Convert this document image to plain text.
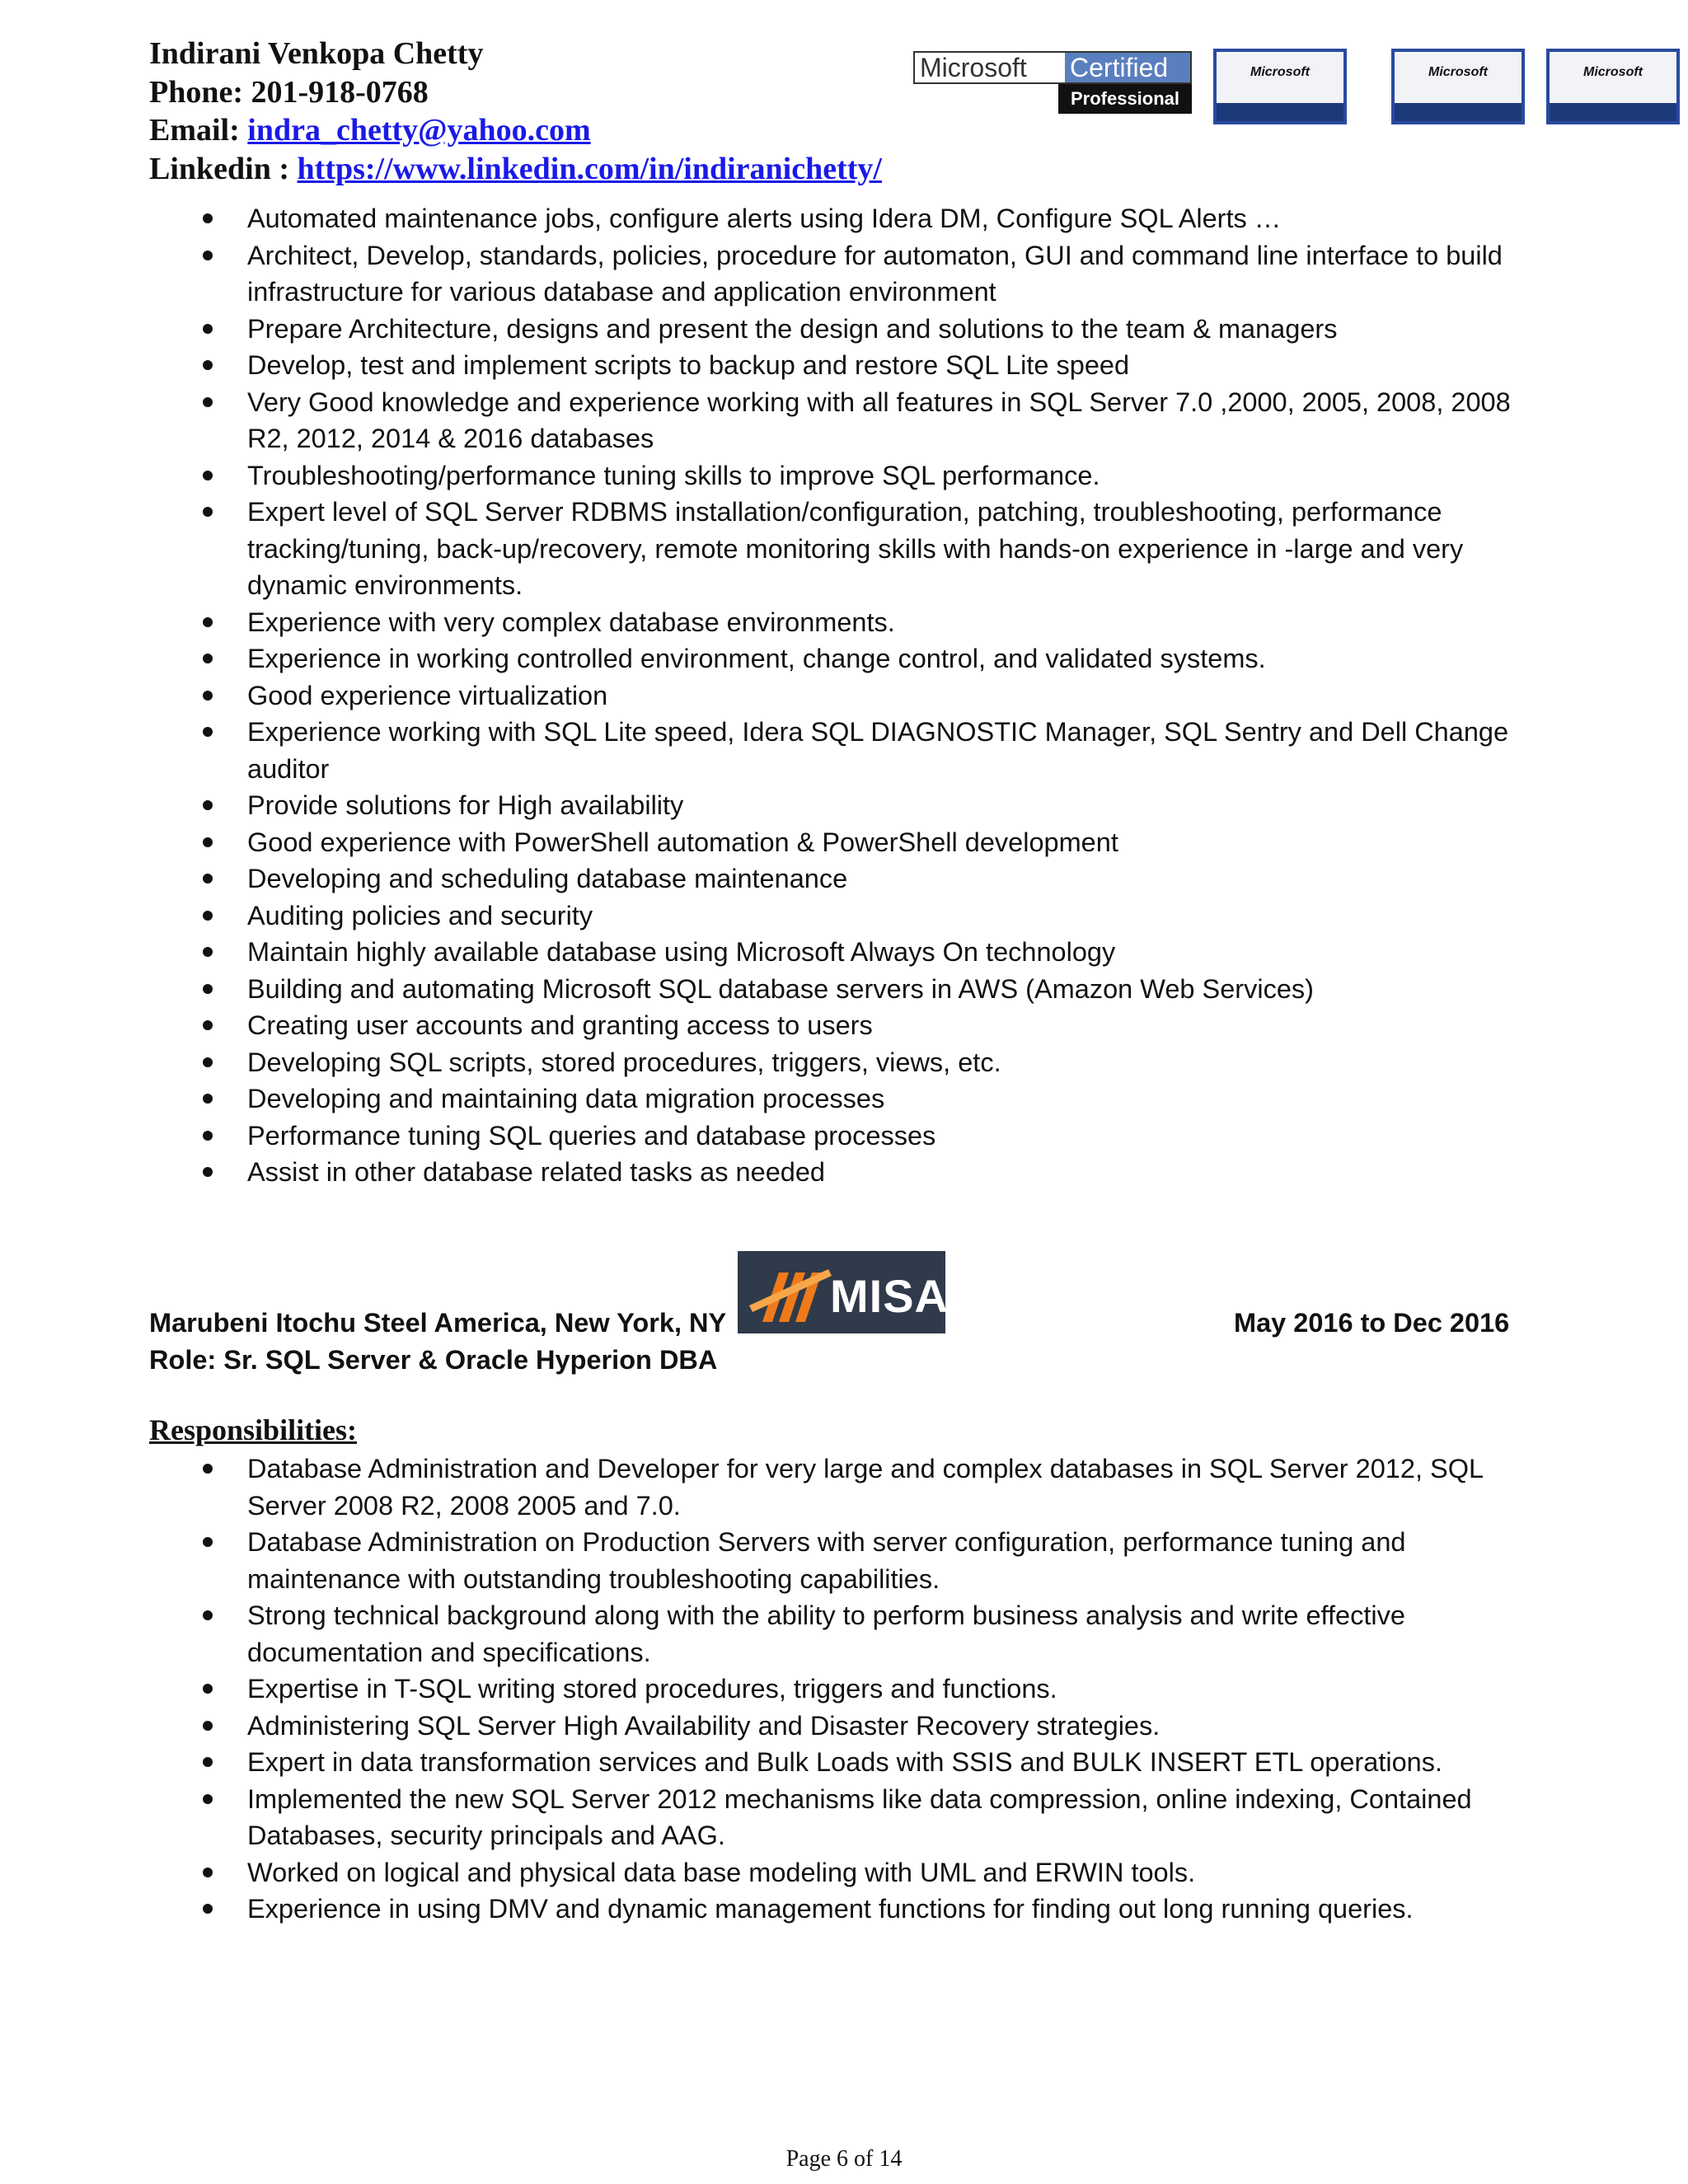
Indirani Venkopa Chetty
Phone: 201-918-0768
Email: indra_chetty@yahoo.com
Linkedin : https://www.linkedin.com/in/indiranichetty/
Microsoft	Certified
Professional
Microsoft	Microsoft	Microsoft
Automated maintenance jobs, configure alerts using Idera DM, Configure SQL Alerts …
Architect, Develop, standards, policies, procedure for automaton, GUI and command line interface to build infrastructure for various database and application environment
Prepare Architecture, designs and present the design and solutions to the team & managers
Develop, test and implement scripts to backup and restore SQL Lite speed
Very Good knowledge and experience working with all features in SQL Server 7.0 ,2000, 2005, 2008, 2008 R2, 2012, 2014 & 2016 databases
Troubleshooting/performance tuning skills to improve SQL performance.
Expert level of SQL Server RDBMS installation/configuration, patching, troubleshooting, performance tracking/tuning, back-up/recovery, remote monitoring skills with hands-on experience in -large and very dynamic environments.
Experience with very complex database environments.
Experience in working controlled environment, change control, and validated systems.
Good experience virtualization
Experience working with SQL Lite speed, Idera SQL DIAGNOSTIC Manager, SQL Sentry and Dell Change auditor
Provide solutions for High availability
Good experience with PowerShell automation & PowerShell development
Developing and scheduling database maintenance
Auditing policies and security
Maintain highly available database using Microsoft Always On technology
Building and automating Microsoft SQL database servers in AWS (Amazon Web Services)
Creating user accounts and granting access to users
Developing SQL scripts, stored procedures, triggers, views, etc.
Developing and maintaining data migration processes
Performance tuning SQL queries and database processes
Assist in other database related tasks as needed
MISA
Marubeni Itochu Steel America, New York, NY	May 2016 to Dec 2016
Role: Sr. SQL Server & Oracle Hyperion DBA
Responsibilities:
Database Administration and Developer for very large and complex databases in SQL Server 2012, SQL Server 2008 R2, 2008 2005 and 7.0.
Database Administration on Production Servers with server configuration, performance tuning and maintenance with outstanding troubleshooting capabilities.
Strong technical background along with the ability to perform business analysis and write effective documentation and specifications.
Expertise in T-SQL writing stored procedures, triggers and functions.
Administering SQL Server High Availability and Disaster Recovery strategies.
Expert in data transformation services and Bulk Loads with SSIS and BULK INSERT ETL operations.
Implemented the new SQL Server 2012 mechanisms like data compression, online indexing, Contained Databases, security principals and AAG.
Worked on logical and physical data base modeling with UML and ERWIN tools.
Experience in using DMV and dynamic management functions for finding out long running queries.
Page 6 of 14
